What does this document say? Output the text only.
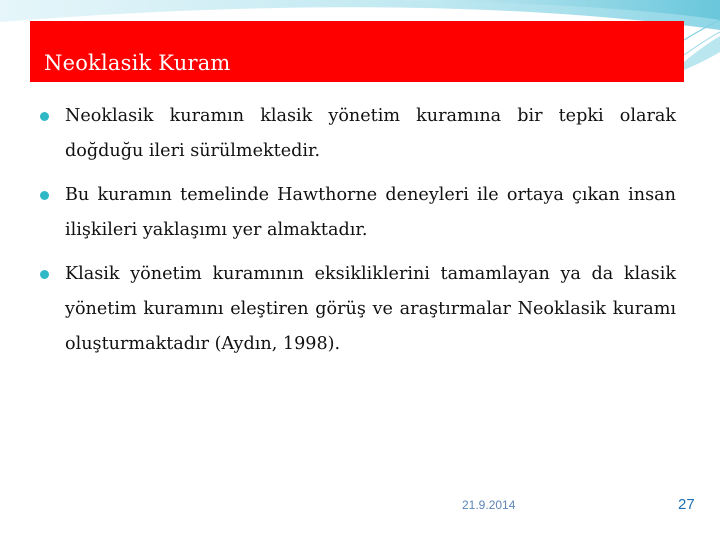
Neoklasik Kuram
Neoklasik kuramın klasik yönetim kuramına bir tepki olarak doğduğu ileri sürülmektedir.
Bu kuramın temelinde Hawthorne deneyleri ile ortaya çıkan insan ilişkileri yaklaşımı yer almaktadır.
Klasik yönetim kuramının eksikliklerini tamamlayan ya da klasik yönetim kuramını eleştiren görüş ve araştırmalar Neoklasik kuramı oluşturmaktadır (Aydın, 1998).
21.9.2014	27
